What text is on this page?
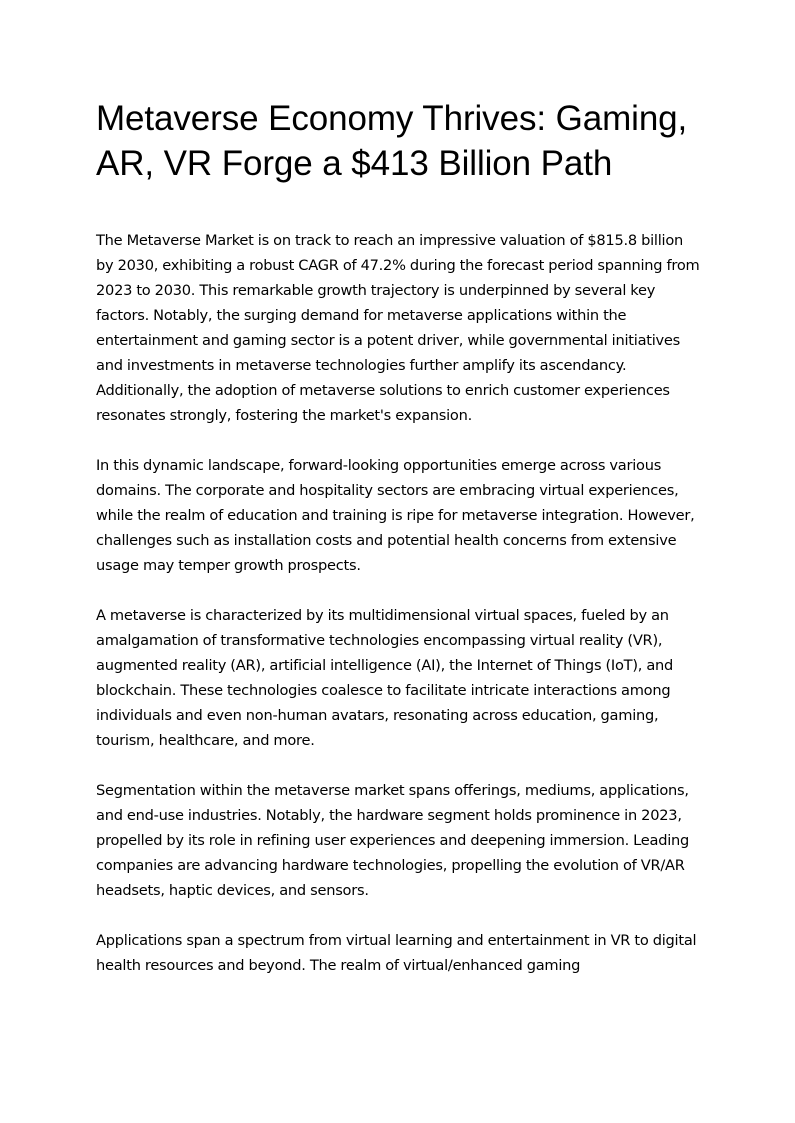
Metaverse Economy Thrives: Gaming, AR, VR Forge a $413 Billion Path

The Metaverse Market is on track to reach an impressive valuation of $815.8 billion by 2030, exhibiting a robust CAGR of 47.2% during the forecast period spanning from 2023 to 2030. This remarkable growth trajectory is underpinned by several key factors. Notably, the surging demand for metaverse applications within the entertainment and gaming sector is a potent driver, while governmental initiatives and investments in metaverse technologies further amplify its ascendancy. Additionally, the adoption of metaverse solutions to enrich customer experiences resonates strongly, fostering the market's expansion.

In this dynamic landscape, forward-looking opportunities emerge across various domains. The corporate and hospitality sectors are embracing virtual experiences, while the realm of education and training is ripe for metaverse integration. However, challenges such as installation costs and potential health concerns from extensive usage may temper growth prospects.

A metaverse is characterized by its multidimensional virtual spaces, fueled by an amalgamation of transformative technologies encompassing virtual reality (VR), augmented reality (AR), artificial intelligence (AI), the Internet of Things (IoT), and blockchain. These technologies coalesce to facilitate intricate interactions among individuals and even non-human avatars, resonating across education, gaming, tourism, healthcare, and more.

Segmentation within the metaverse market spans offerings, mediums, applications, and end-use industries. Notably, the hardware segment holds prominence in 2023, propelled by its role in refining user experiences and deepening immersion. Leading companies are advancing hardware technologies, propelling the evolution of VR/AR headsets, haptic devices, and sensors.

Applications span a spectrum from virtual learning and entertainment in VR to digital health resources and beyond. The realm of virtual/enhanced gaming
